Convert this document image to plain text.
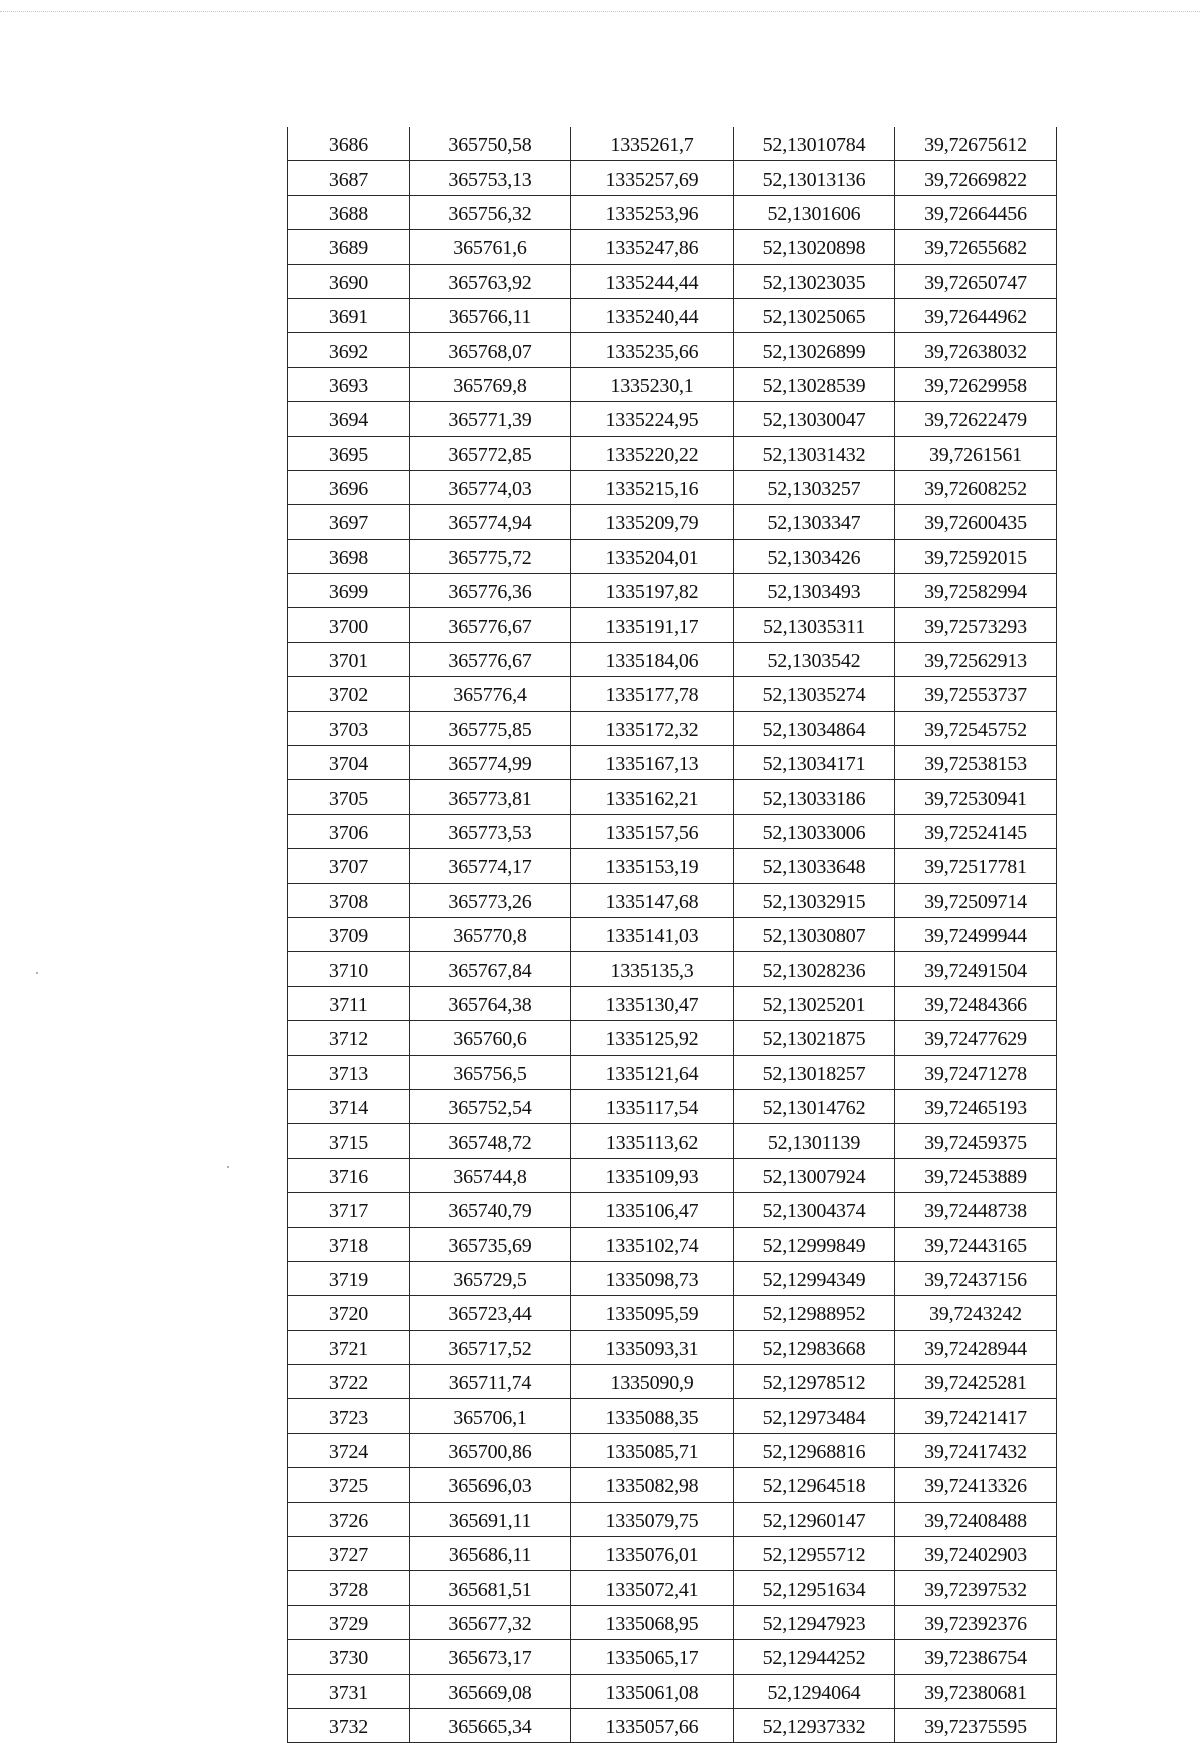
3686	365750,58	1335261,7	52,13010784	39,72675612
3687	365753,13	1335257,69	52,13013136	39,72669822
3688	365756,32	1335253,96	52,1301606	39,72664456
3689	365761,6	1335247,86	52,13020898	39,72655682
3690	365763,92	1335244,44	52,13023035	39,72650747
3691	365766,11	1335240,44	52,13025065	39,72644962
3692	365768,07	1335235,66	52,13026899	39,72638032
3693	365769,8	1335230,1	52,13028539	39,72629958
3694	365771,39	1335224,95	52,13030047	39,72622479
3695	365772,85	1335220,22	52,13031432	39,7261561
3696	365774,03	1335215,16	52,1303257	39,72608252
3697	365774,94	1335209,79	52,1303347	39,72600435
3698	365775,72	1335204,01	52,1303426	39,72592015
3699	365776,36	1335197,82	52,1303493	39,72582994
3700	365776,67	1335191,17	52,13035311	39,72573293
3701	365776,67	1335184,06	52,1303542	39,72562913
3702	365776,4	1335177,78	52,13035274	39,72553737
3703	365775,85	1335172,32	52,13034864	39,72545752
3704	365774,99	1335167,13	52,13034171	39,72538153
3705	365773,81	1335162,21	52,13033186	39,72530941
3706	365773,53	1335157,56	52,13033006	39,72524145
3707	365774,17	1335153,19	52,13033648	39,72517781
3708	365773,26	1335147,68	52,13032915	39,72509714
3709	365770,8	1335141,03	52,13030807	39,72499944
3710	365767,84	1335135,3	52,13028236	39,72491504
3711	365764,38	1335130,47	52,13025201	39,72484366
3712	365760,6	1335125,92	52,13021875	39,72477629
3713	365756,5	1335121,64	52,13018257	39,72471278
3714	365752,54	1335117,54	52,13014762	39,72465193
3715	365748,72	1335113,62	52,1301139	39,72459375
3716	365744,8	1335109,93	52,13007924	39,72453889
3717	365740,79	1335106,47	52,13004374	39,72448738
3718	365735,69	1335102,74	52,12999849	39,72443165
3719	365729,5	1335098,73	52,12994349	39,72437156
3720	365723,44	1335095,59	52,12988952	39,7243242
3721	365717,52	1335093,31	52,12983668	39,72428944
3722	365711,74	1335090,9	52,12978512	39,72425281
3723	365706,1	1335088,35	52,12973484	39,72421417
3724	365700,86	1335085,71	52,12968816	39,72417432
3725	365696,03	1335082,98	52,12964518	39,72413326
3726	365691,11	1335079,75	52,12960147	39,72408488
3727	365686,11	1335076,01	52,12955712	39,72402903
3728	365681,51	1335072,41	52,12951634	39,72397532
3729	365677,32	1335068,95	52,12947923	39,72392376
3730	365673,17	1335065,17	52,12944252	39,72386754
3731	365669,08	1335061,08	52,1294064	39,72380681
3732	365665,34	1335057,66	52,12937332	39,72375595
